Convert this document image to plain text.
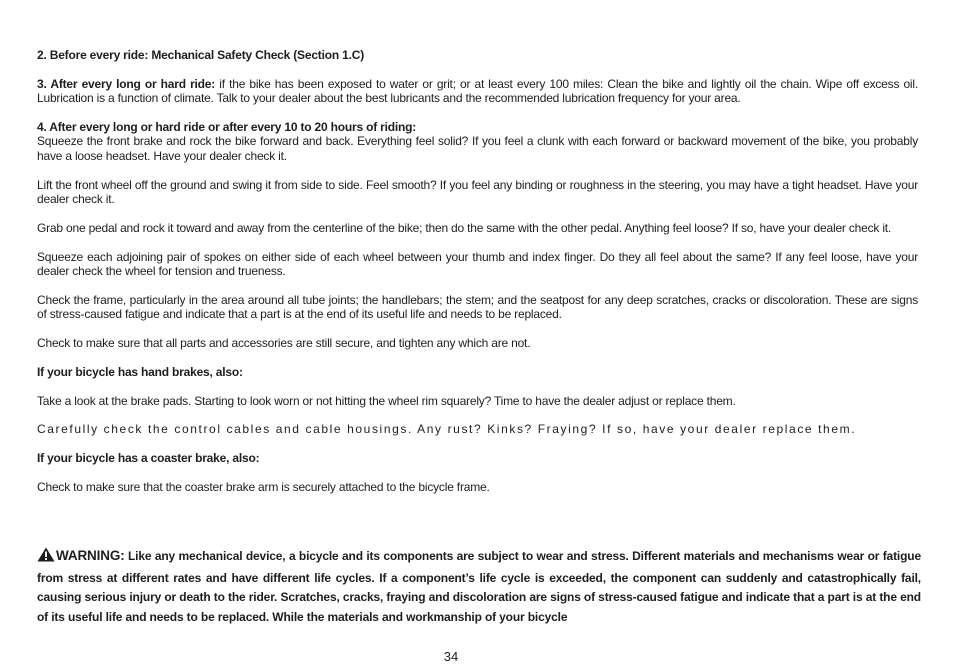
2. Before every ride: Mechanical Safety Check (Section 1.C)

3. After every long or hard ride: if the bike has been exposed to water or grit; or at least every 100 miles: Clean the bike and lightly oil the chain. Wipe off excess oil. Lubrication is a function of climate. Talk to your dealer about the best lubricants and the recommended lubrication frequency for your area.

4. After every long or hard ride or after every 10 to 20 hours of riding:

Squeeze the front brake and rock the bike forward and back. Everything feel solid? If you feel a clunk with each forward or backward movement of the bike, you probably have a loose headset. Have your dealer check it.

Lift the front wheel off the ground and swing it from side to side. Feel smooth? If you feel any binding or roughness in the steering, you may have a tight headset. Have your dealer check it.

Grab one pedal and rock it toward and away from the centerline of the bike; then do the same with the other pedal. Anything feel loose? If so, have your dealer check it.

Squeeze each adjoining pair of spokes on either side of each wheel between your thumb and index finger. Do they all feel about the same? If any feel loose, have your dealer check the wheel for tension and trueness.

Check the frame, particularly in the area around all tube joints; the handlebars; the stem; and the seatpost for any deep scratches, cracks or discoloration. These are signs of stress-caused fatigue and indicate that a part is at the end of its useful life and needs to be replaced.

Check to make sure that all parts and accessories are still secure, and tighten any which are not.

If your bicycle has hand brakes, also:

Take a look at the brake pads. Starting to look worn or not hitting the wheel rim squarely? Time to have the dealer adjust or replace them.

Carefully check the control cables and cable housings. Any rust? Kinks? Fraying? If so, have your dealer replace them.

If your bicycle has a coaster brake, also:

Check to make sure that the coaster brake arm is securely attached to the bicycle frame.

WARNING: Like any mechanical device, a bicycle and its components are subject to wear and stress. Different materials and mechanisms wear or fatigue from stress at different rates and have different life cycles. If a component’s life cycle is exceeded, the component can suddenly and catastrophically fail, causing serious injury or death to the rider. Scratches, cracks, fraying and discoloration are signs of stress-caused fatigue and indicate that a part is at the end of its useful life and needs to be replaced. While the materials and workmanship of your bicycle
34
